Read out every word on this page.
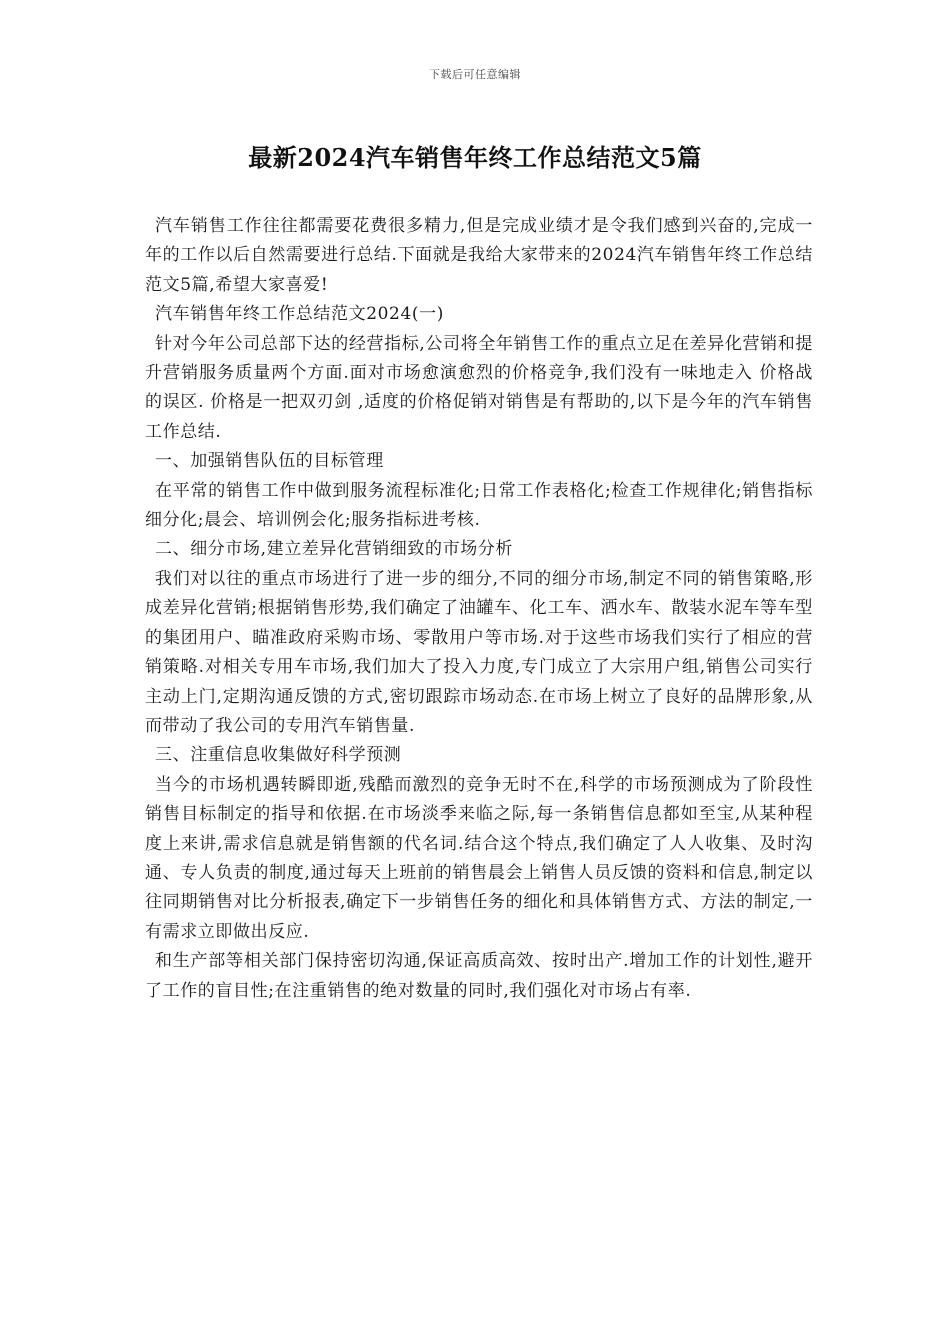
下载后可任意编辑
最新2024汽车销售年终工作总结范文5篇

汽车销售工作往往都需要花费很多精力,但是完成业绩才是令我们感到兴奋的,完成一年的工作以后自然需要进行总结.下面就是我给大家带来的2024汽车销售年终工作总结范文5篇,希望大家喜爱!

汽车销售年终工作总结范文2024(一)

针对今年公司总部下达的经营指标,公司将全年销售工作的重点立足在差异化营销和提升营销服务质量两个方面.面对市场愈演愈烈的价格竞争,我们没有一味地走入 价格战 的误区. 价格是一把双刃剑 ,适度的价格促销对销售是有帮助的,以下是今年的汽车销售工作总结.

一、加强销售队伍的目标管理

在平常的销售工作中做到服务流程标准化;日常工作表格化;检查工作规律化;销售指标细分化;晨会、培训例会化;服务指标进考核.

二、细分市场,建立差异化营销细致的市场分析

我们对以往的重点市场进行了进一步的细分,不同的细分市场,制定不同的销售策略,形成差异化营销;根据销售形势,我们确定了油罐车、化工车、洒水车、散装水泥车等车型的集团用户、瞄准政府采购市场、零散用户等市场.对于这些市场我们实行了相应的营销策略.对相关专用车市场,我们加大了投入力度,专门成立了大宗用户组,销售公司实行主动上门,定期沟通反馈的方式,密切跟踪市场动态.在市场上树立了良好的品牌形象,从而带动了我公司的专用汽车销售量.

三、注重信息收集做好科学预测

当今的市场机遇转瞬即逝,残酷而激烈的竞争无时不在,科学的市场预测成为了阶段性销售目标制定的指导和依据.在市场淡季来临之际,每一条销售信息都如至宝,从某种程度上来讲,需求信息就是销售额的代名词.结合这个特点,我们确定了人人收集、及时沟通、专人负责的制度,通过每天上班前的销售晨会上销售人员反馈的资料和信息,制定以往同期销售对比分析报表,确定下一步销售任务的细化和具体销售方式、方法的制定,一有需求立即做出反应.

和生产部等相关部门保持密切沟通,保证高质高效、按时出产.增加工作的计划性,避开了工作的盲目性;在注重销售的绝对数量的同时,我们强化对市场占有率.
